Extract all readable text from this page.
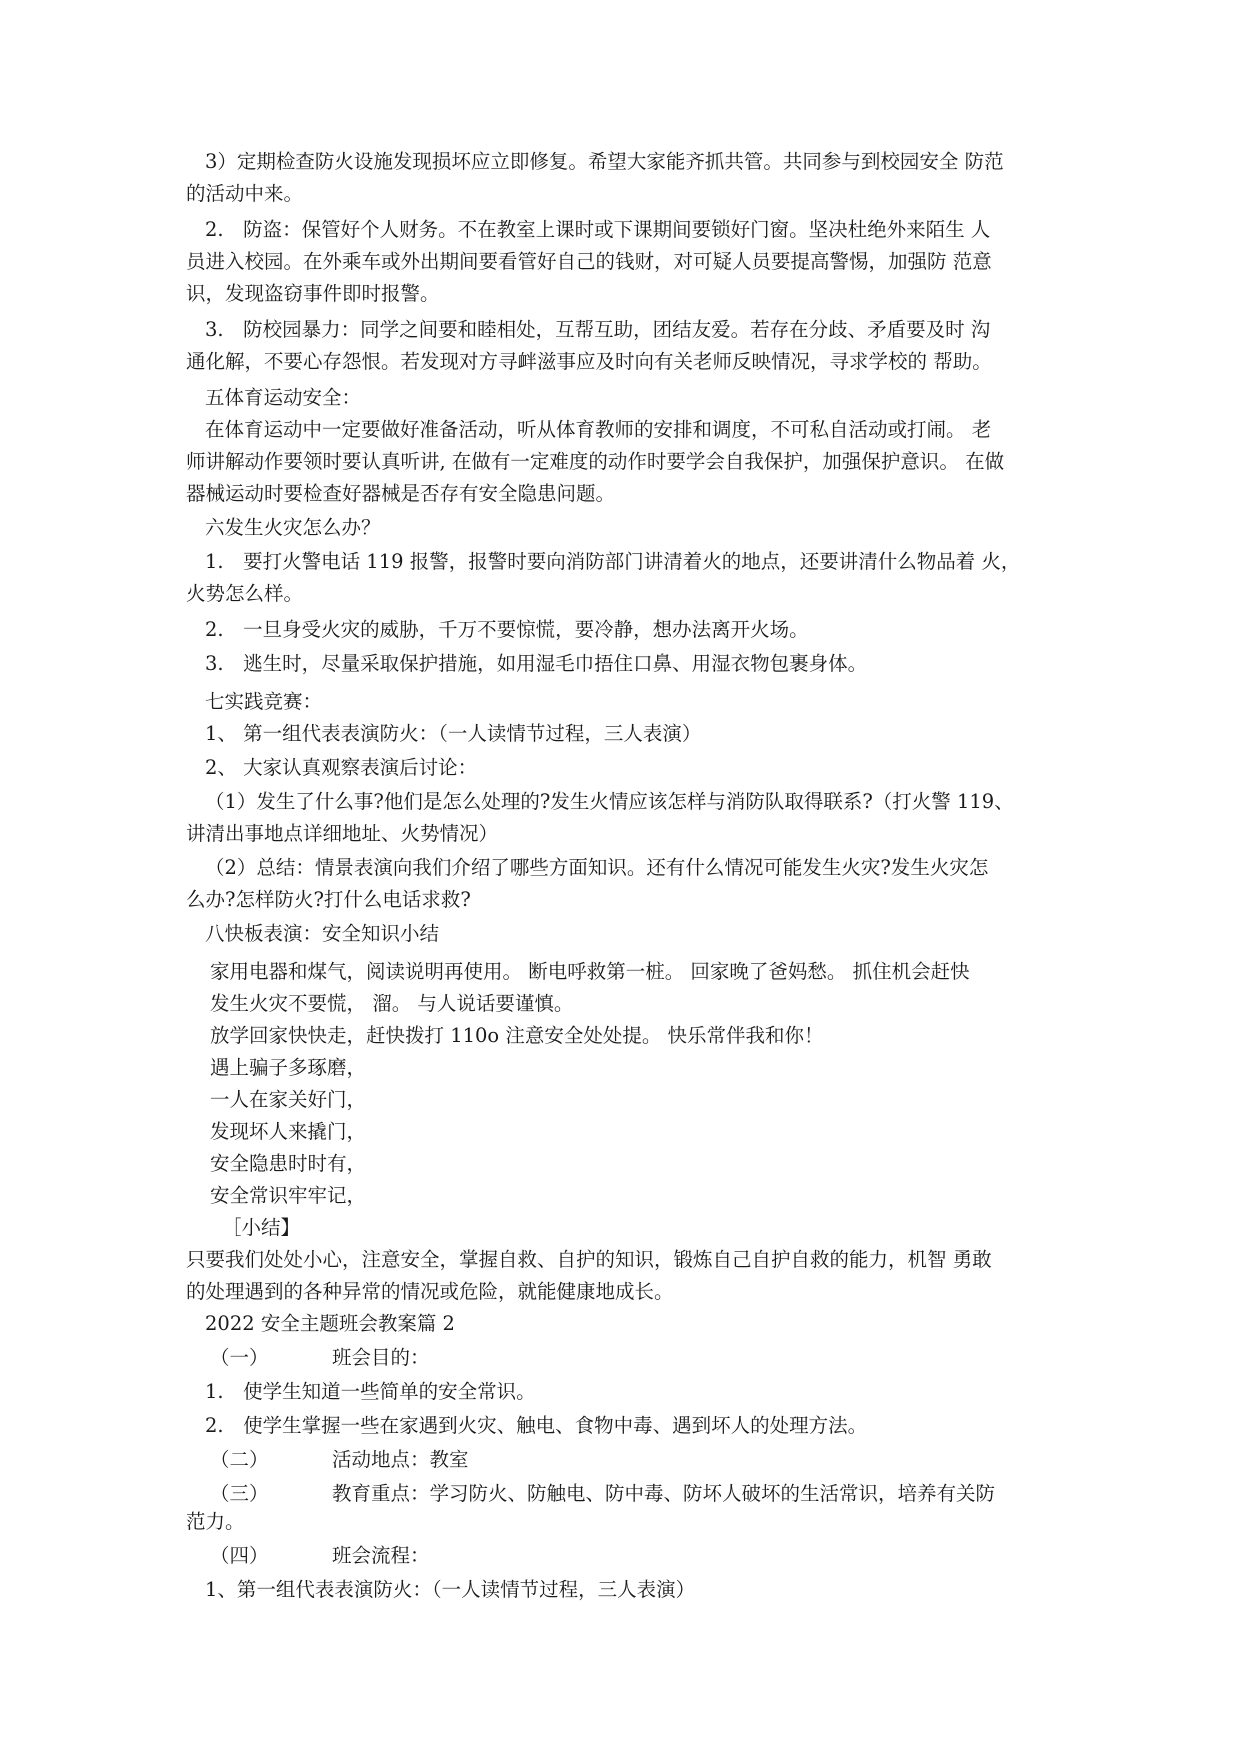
3）定期检查防火设施发现损坏应立即修复。希望大家能齐抓共管。共同参与到校园安全 防范
的活动中来。
2.　防盗：保管好个人财务。不在教室上课时或下课期间要锁好门窗。坚决杜绝外来陌生 人
员进入校园。在外乘车或外出期间要看管好自己的钱财，对可疑人员要提高警惕，加强防 范意
识，发现盗窃事件即时报警。
3.　防校园暴力：同学之间要和睦相处，互帮互助，团结友爱。若存在分歧、矛盾要及时 沟
通化解，不要心存怨恨。若发现对方寻衅滋事应及时向有关老师反映情况，寻求学校的 帮助。
五体育运动安全：
在体育运动中一定要做好准备活动，听从体育教师的安排和调度，不可私自活动或打闹。 老
师讲解动作要领时要认真听讲, 在做有一定难度的动作时要学会自我保护，加强保护意识。 在做
器械运动时要检查好器械是否存有安全隐患问题。
六发生火灾怎么办？
1.　要打火警电话 119 报警，报警时要向消防部门讲清着火的地点，还要讲清什么物品着 火，
火势怎么样。
2.　一旦身受火灾的威胁，千万不要惊慌，要冷静，想办法离开火场。
3.　逃生时，尽量采取保护措施，如用湿毛巾捂住口鼻、用湿衣物包裹身体。
七实践竞赛：
1、 第一组代表表演防火：（一人读情节过程，三人表演）
2、 大家认真观察表演后讨论：
（1）发生了什么事?他们是怎么处理的?发生火情应该怎样与消防队取得联系?（打火警 119、
讲清出事地点详细地址、火势情况）
（2）总结：情景表演向我们介绍了哪些方面知识。还有什么情况可能发生火灾?发生火灾怎
么办?怎样防火?打什么电话求救?
八快板表演：安全知识小结
家用电器和煤气，阅读说明再使用。 断电呼救第一桩。 回家晚了爸妈愁。 抓住机会赶快
发生火灾不要慌， 溜。 与人说话要谨慎。
放学回家快快走，赶快拨打 110o 注意安全处处提。 快乐常伴我和你！
遇上骗子多琢磨，
一人在家关好门，
发现坏人来撬门，
安全隐患时时有，
安全常识牢牢记，
［小结】
只要我们处处小心，注意安全，掌握自救、自护的知识，锻炼自己自护自救的能力，机智 勇敢
的处理遇到的各种异常的情况或危险，就能健康地成长。
2022 安全主题班会教案篇 2
（一）	班会目的：
1.　使学生知道一些简单的安全常识。
2.　使学生掌握一些在家遇到火灾、触电、食物中毒、遇到坏人的处理方法。
（二）	活动地点：教室
（三）	教育重点：学习防火、防触电、防中毒、防坏人破坏的生活常识，培养有关防
范力。
（四）	班会流程：
1、第一组代表表演防火：（一人读情节过程，三人表演）
